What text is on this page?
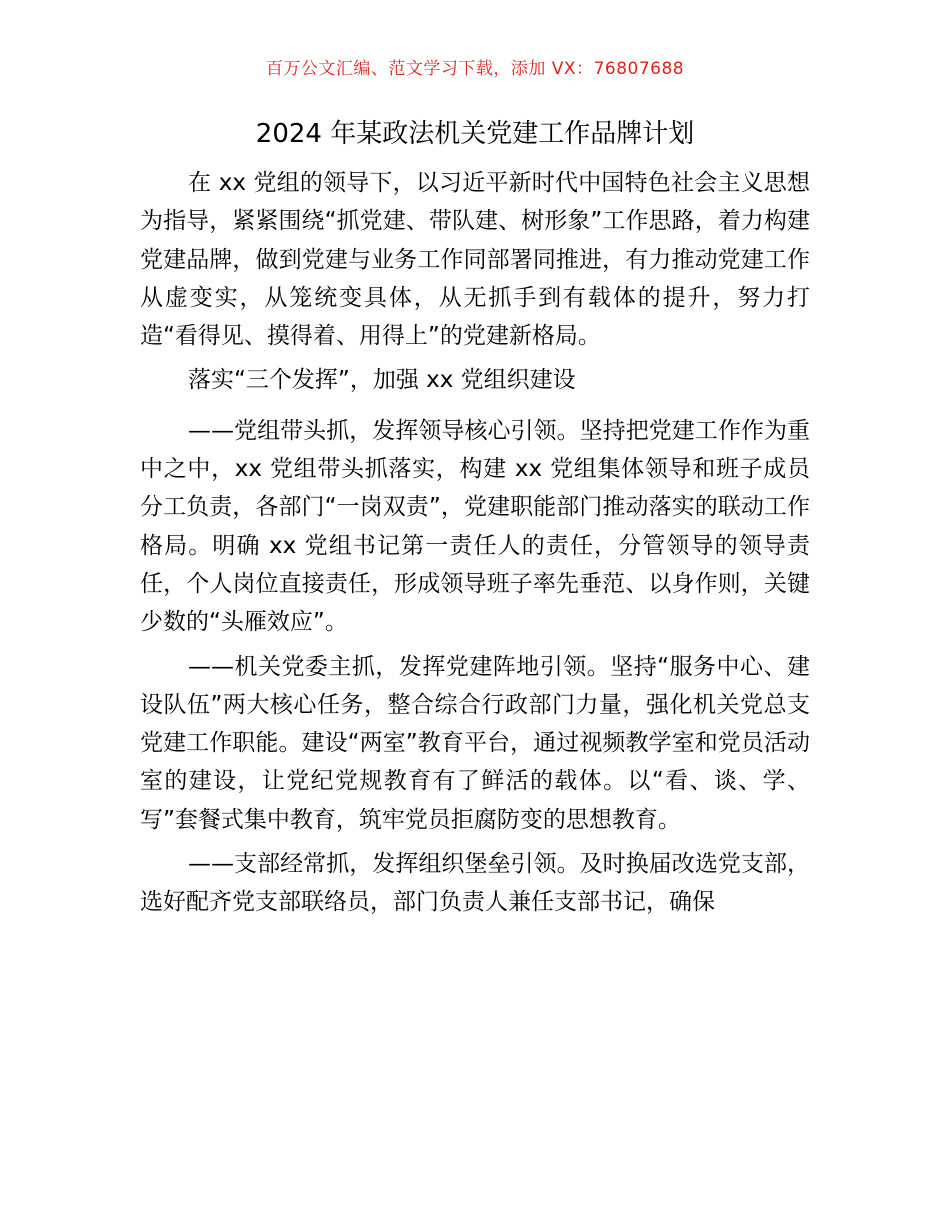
百万公文汇编、范文学习下载，添加 VX：76807688
2024 年某政法机关党建工作品牌计划

在 xx 党组的领导下，以习近平新时代中国特色社会主义思想为指导，紧紧围绕“抓党建、带队建、树形象”工作思路，着力构建党建品牌，做到党建与业务工作同部署同推进，有力推动党建工作从虚变实，从笼统变具体，从无抓手到有载体的提升，努力打造“看得见、摸得着、用得上”的党建新格局。

落实“三个发挥”，加强 xx 党组织建设

——党组带头抓，发挥领导核心引领。坚持把党建工作作为重中之中，xx 党组带头抓落实，构建 xx 党组集体领导和班子成员分工负责，各部门“一岗双责”，党建职能部门推动落实的联动工作格局。明确 xx 党组书记第一责任人的责任，分管领导的领导责任，个人岗位直接责任，形成领导班子率先垂范、以身作则，关键少数的“头雁效应”。

——机关党委主抓，发挥党建阵地引领。坚持“服务中心、建设队伍”两大核心任务，整合综合行政部门力量，强化机关党总支党建工作职能。建设“两室”教育平台，通过视频教学室和党员活动室的建设，让党纪党规教育有了鲜活的载体。以“看、谈、学、写”套餐式集中教育，筑牢党员拒腐防变的思想教育。

——支部经常抓，发挥组织堡垒引领。及时换届改选党支部，选好配齐党支部联络员，部门负责人兼任支部书记，确保
